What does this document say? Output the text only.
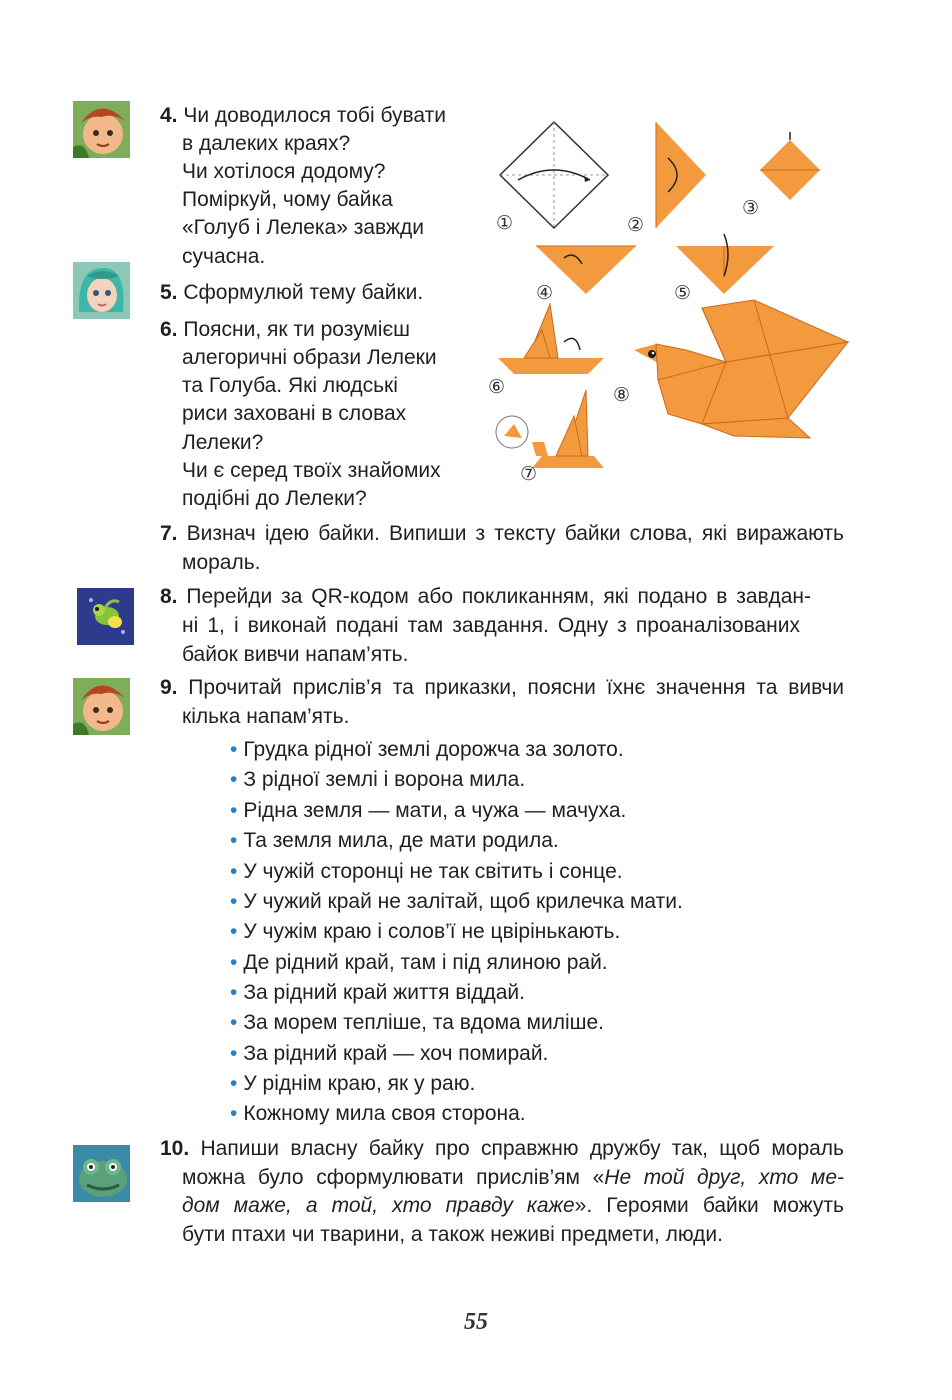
4. Чи доводилося тобі бувати
в далеких краях?
Чи хотілося додому?
Поміркуй, чому байка
«Голуб і Лелека» завжди
сучасна.
5. Сформулюй тему байки.
6. Поясни, як ти розумієш
алегоричні образи Лелеки
та Голуба. Які людські
риси заховані в словах
Лелеки?
Чи є серед твоїх знайомих
подібні до Лелеки?
①	②
③
④	⑤
⑥
⑦
⑧
7. Визнач ідею байки. Випиши з тексту байки слова, які виражають
мораль.
8. Перейди за QR-кодом або покликанням, які подано в завдан-
ні 1, і виконай подані там завдання. Одну з проаналізованих
байок вивчи напам’ять.
9. Прочитай прислів’я та приказки, поясни їхнє значення та вивчи
кілька напам’ять.
• Грудка рідної землі дорожча за золото.
• З рідної землі і ворона мила.
• Рідна земля — мати, а чужа — мачуха.
• Та земля мила, де мати родила.
• У чужій сторонці не так світить і сонце.
• У чужий край не залітай, щоб крилечка мати.
• У чужім краю і солов’ї не цвірінькають.
• Де рідний край, там і під ялиною рай.
• За рідний край життя віддай.
• За морем тепліше, та вдома миліше.
• За рідний край — хоч помирай.
• У ріднім краю, як у раю.
• Кожному мила своя сторона.
10. Напиши власну байку про справжню дружбу так, щоб мораль
можна було сформулювати прислів’ям «Не той друг, хто ме-
дом маже, а той, хто правду каже». Героями байки можуть
бути птахи чи тварини, а також неживі предмети, люди.
55
